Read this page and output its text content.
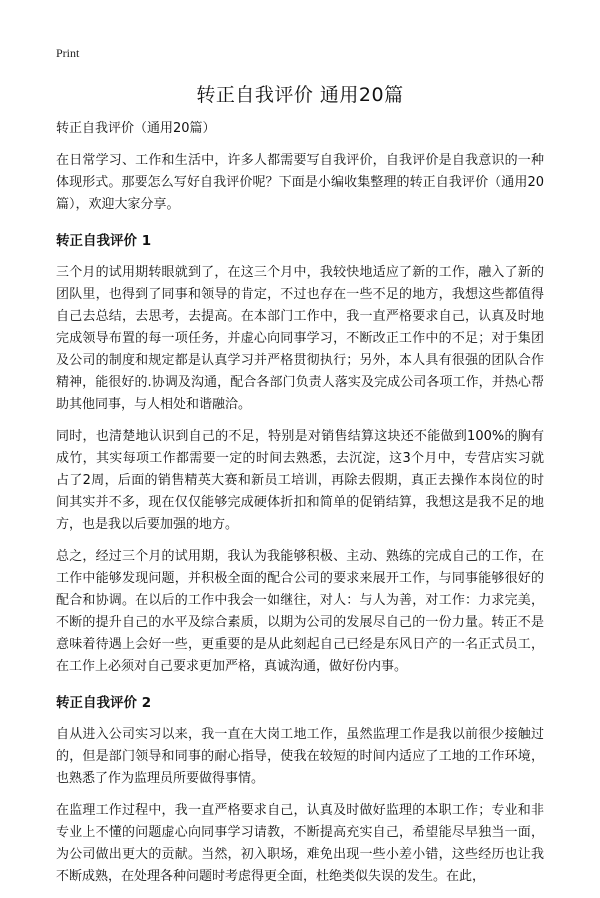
Print
转正自我评价 通用20篇

转正自我评价（通用20篇）

在日常学习、工作和生活中，许多人都需要写自我评价，自我评价是自我意识的一种体现形式。那要怎么写好自我评价呢？下面是小编收集整理的转正自我评价（通用20篇），欢迎大家分享。

转正自我评价 1

三个月的试用期转眼就到了，在这三个月中，我较快地适应了新的工作，融入了新的团队里，也得到了同事和领导的肯定，不过也存在一些不足的地方，我想这些都值得自己去总结，去思考，去提高。在本部门工作中，我一直严格要求自己，认真及时地完成领导布置的每一项任务，并虚心向同事学习，不断改正工作中的不足；对于集团及公司的制度和规定都是认真学习并严格贯彻执行；另外，本人具有很强的团队合作精神，能很好的.协调及沟通，配合各部门负责人落实及完成公司各项工作，并热心帮助其他同事，与人相处和谐融洽。

同时，也清楚地认识到自己的不足，特别是对销售结算这块还不能做到100%的胸有成竹，其实每项工作都需要一定的时间去熟悉，去沉淀，这3个月中，专营店实习就占了2周，后面的销售精英大赛和新员工培训，再除去假期，真正去操作本岗位的时间其实并不多，现在仅仅能够完成硬体折扣和简单的促销结算，我想这是我不足的地方，也是我以后要加强的地方。

总之，经过三个月的试用期，我认为我能够积极、主动、熟练的完成自己的工作，在工作中能够发现问题，并积极全面的配合公司的要求来展开工作，与同事能够很好的配合和协调。在以后的工作中我会一如继往，对人：与人为善，对工作：力求完美，不断的提升自己的水平及综合素质，以期为公司的发展尽自己的一份力量。转正不是意味着待遇上会好一些，更重要的是从此刻起自己已经是东风日产的一名正式员工，在工作上必须对自己要求更加严格，真诚沟通，做好份内事。

转正自我评价 2

自从进入公司实习以来，我一直在大岗工地工作，虽然监理工作是我以前很少接触过的，但是部门领导和同事的耐心指导，使我在较短的时间内适应了工地的工作环境，也熟悉了作为监理员所要做得事情。

在监理工作过程中，我一直严格要求自己，认真及时做好监理的本职工作；专业和非专业上不懂的问题虚心向同事学习请教，不断提高充实自己，希望能尽早独当一面，为公司做出更大的贡献。当然，初入职场，难免出现一些小差小错，这些经历也让我不断成熟，在处理各种问题时考虑得更全面，杜绝类似失误的发生。在此，
